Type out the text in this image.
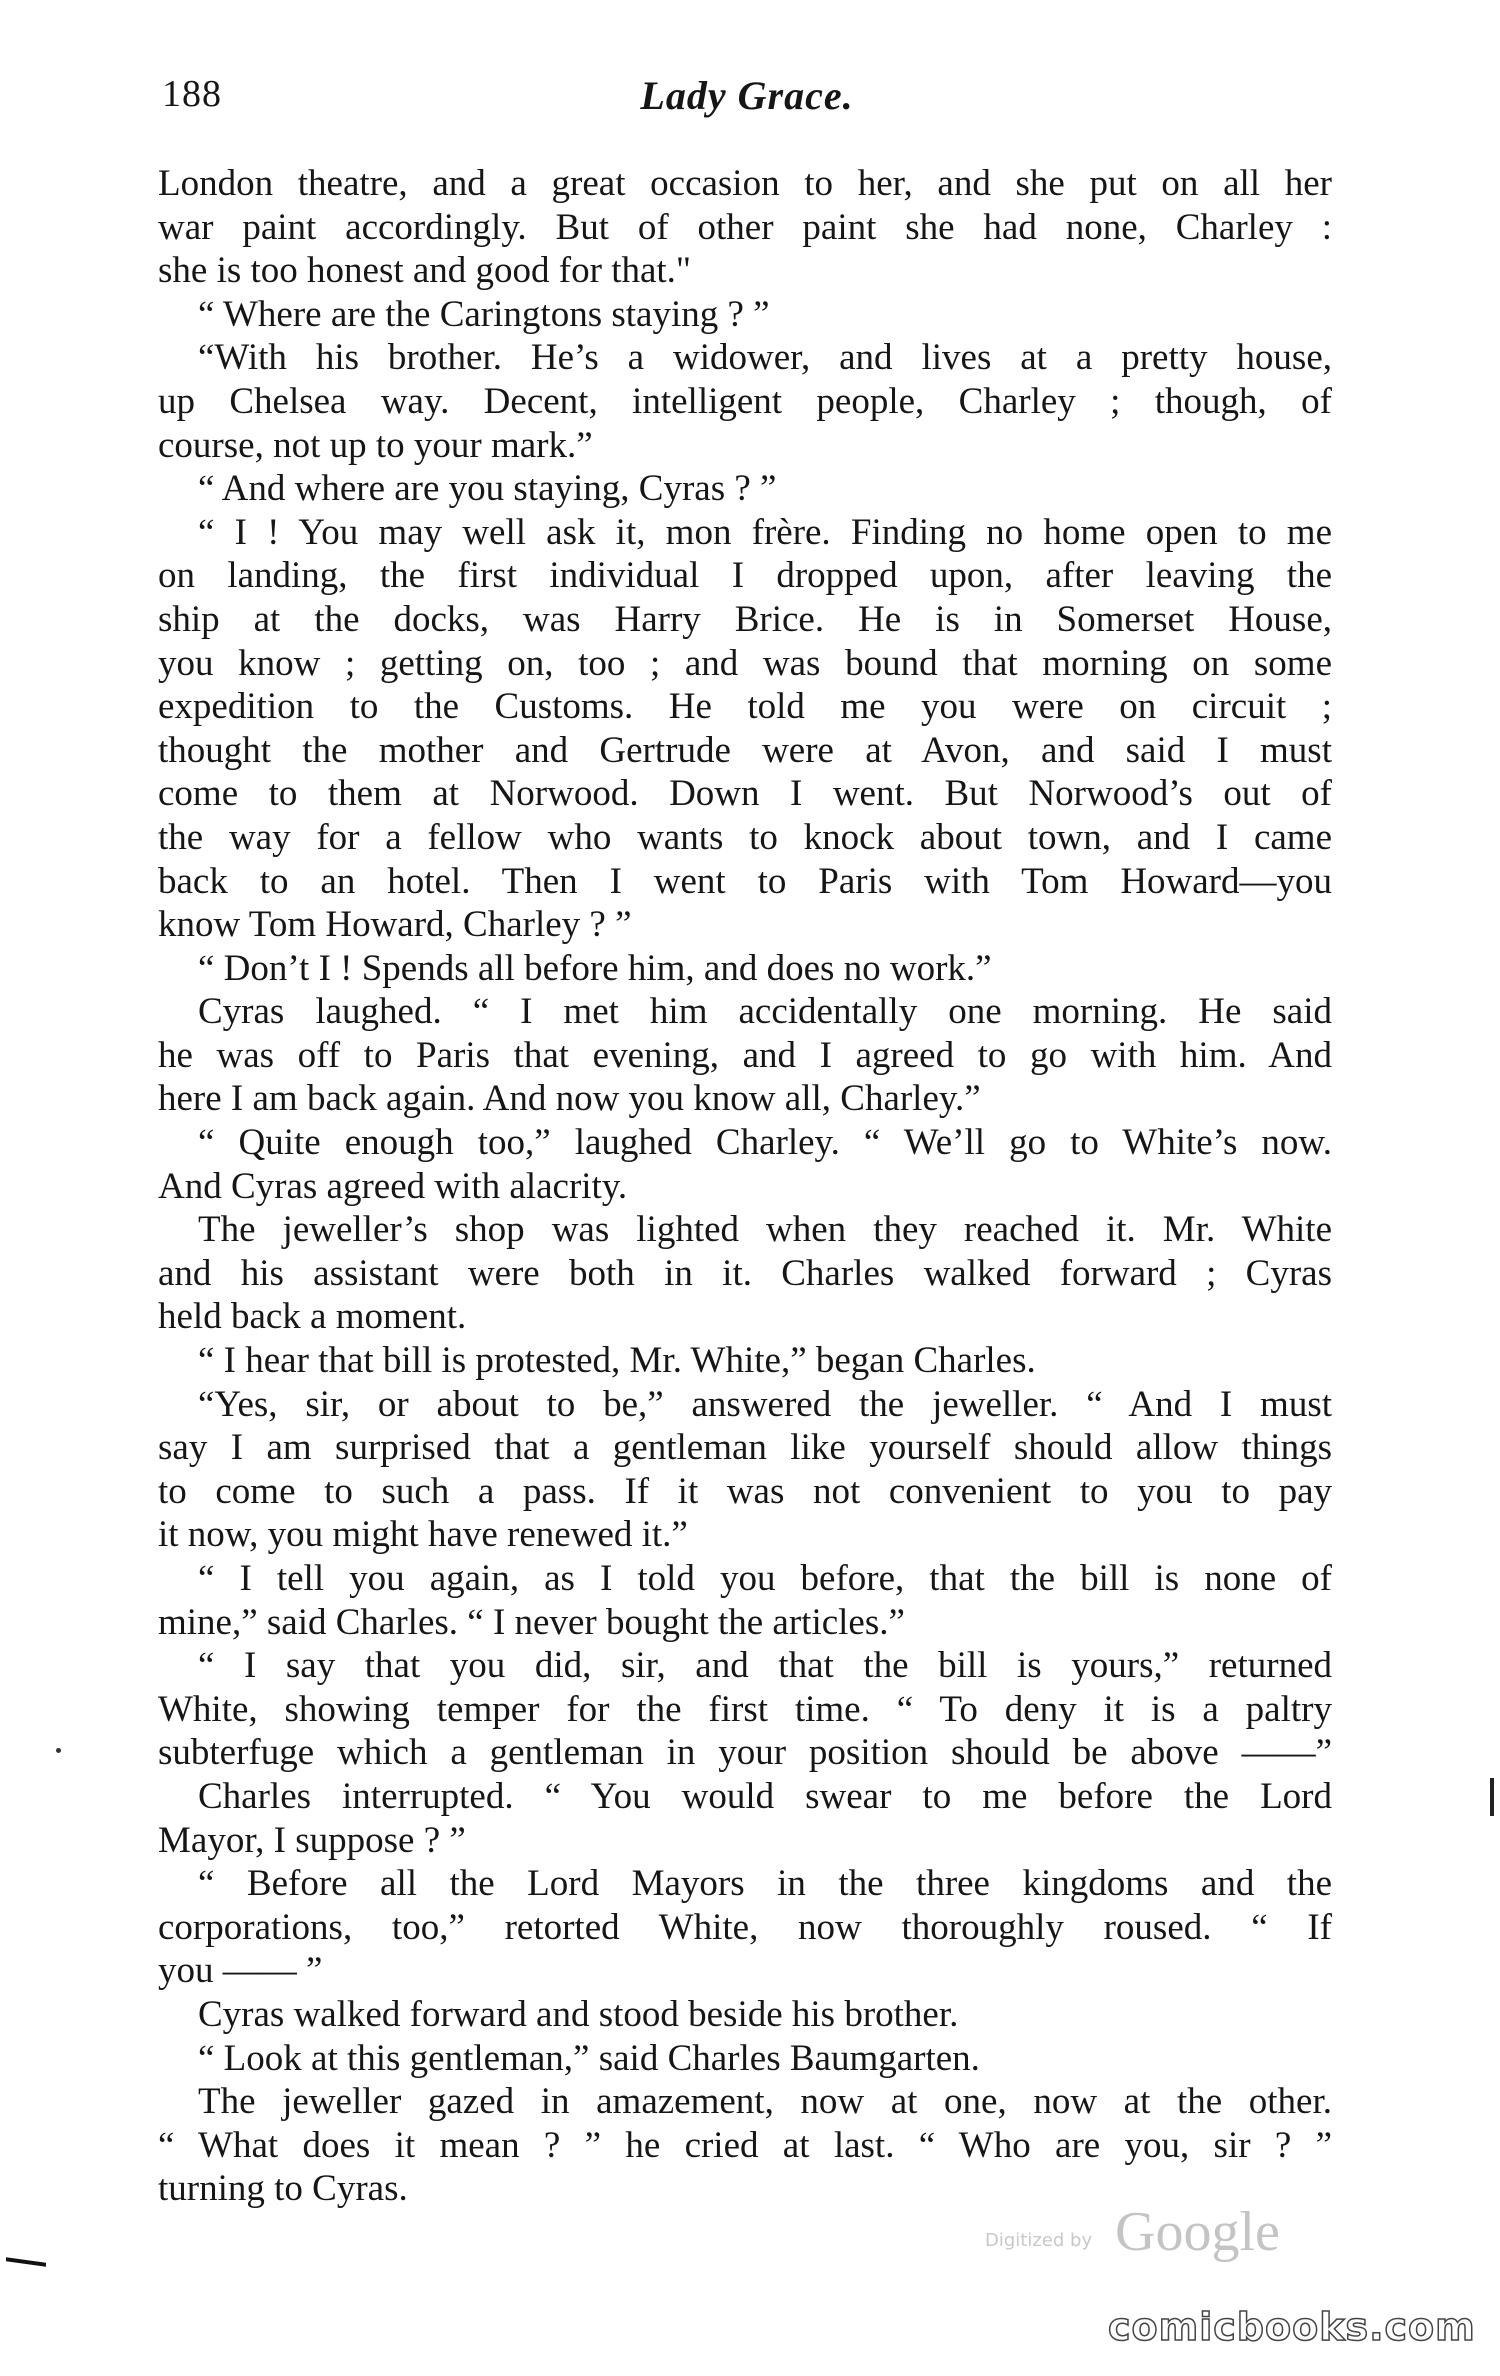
188	Lady Grace.
London theatre, and a great occasion to her, and she put on all her
war paint accordingly. But of other paint she had none, Charley :
she is too honest and good for that."
“ Where are the Caringtons staying ? ”
“With his brother. He’s a widower, and lives at a pretty house,
up Chelsea way. Decent, intelligent people, Charley ; though, of
course, not up to your mark.”
“ And where are you staying, Cyras ? ”
“ I ! You may well ask it, mon frère. Finding no home open to me
on landing, the first individual I dropped upon, after leaving the
ship at the docks, was Harry Brice. He is in Somerset House,
you know ; getting on, too ; and was bound that morning on some
expedition to the Customs. He told me you were on circuit ;
thought the mother and Gertrude were at Avon, and said I must
come to them at Norwood. Down I went. But Norwood’s out of
the way for a fellow who wants to knock about town, and I came
back to an hotel. Then I went to Paris with Tom Howard—you
know Tom Howard, Charley ? ”
“ Don’t I ! Spends all before him, and does no work.”
Cyras laughed. “ I met him accidentally one morning. He said
he was off to Paris that evening, and I agreed to go with him. And
here I am back again. And now you know all, Charley.”
“ Quite enough too,” laughed Charley. “ We’ll go to White’s now.
And Cyras agreed with alacrity.
The jeweller’s shop was lighted when they reached it. Mr. White
and his assistant were both in it. Charles walked forward ; Cyras
held back a moment.
“ I hear that bill is protested, Mr. White,” began Charles.
“Yes, sir, or about to be,” answered the jeweller. “ And I must
say I am surprised that a gentleman like yourself should allow things
to come to such a pass. If it was not convenient to you to pay
it now, you might have renewed it.”
“ I tell you again, as I told you before, that the bill is none of
mine,” said Charles. “ I never bought the articles.”
“ I say that you did, sir, and that the bill is yours,” returned
White, showing temper for the first time. “ To deny it is a paltry
subterfuge which a gentleman in your position should be above ——”
Charles interrupted. “ You would swear to me before the Lord
Mayor, I suppose ? ”
“ Before all the Lord Mayors in the three kingdoms and the
corporations, too,” retorted White, now thoroughly roused. “ If
you —— ”
Cyras walked forward and stood beside his brother.
“ Look at this gentleman,” said Charles Baumgarten.
The jeweller gazed in amazement, now at one, now at the other.
“ What does it mean ? ” he cried at last. “ Who are you, sir ? ”
turning to Cyras.
Digitized by Google
comicbooks.com
